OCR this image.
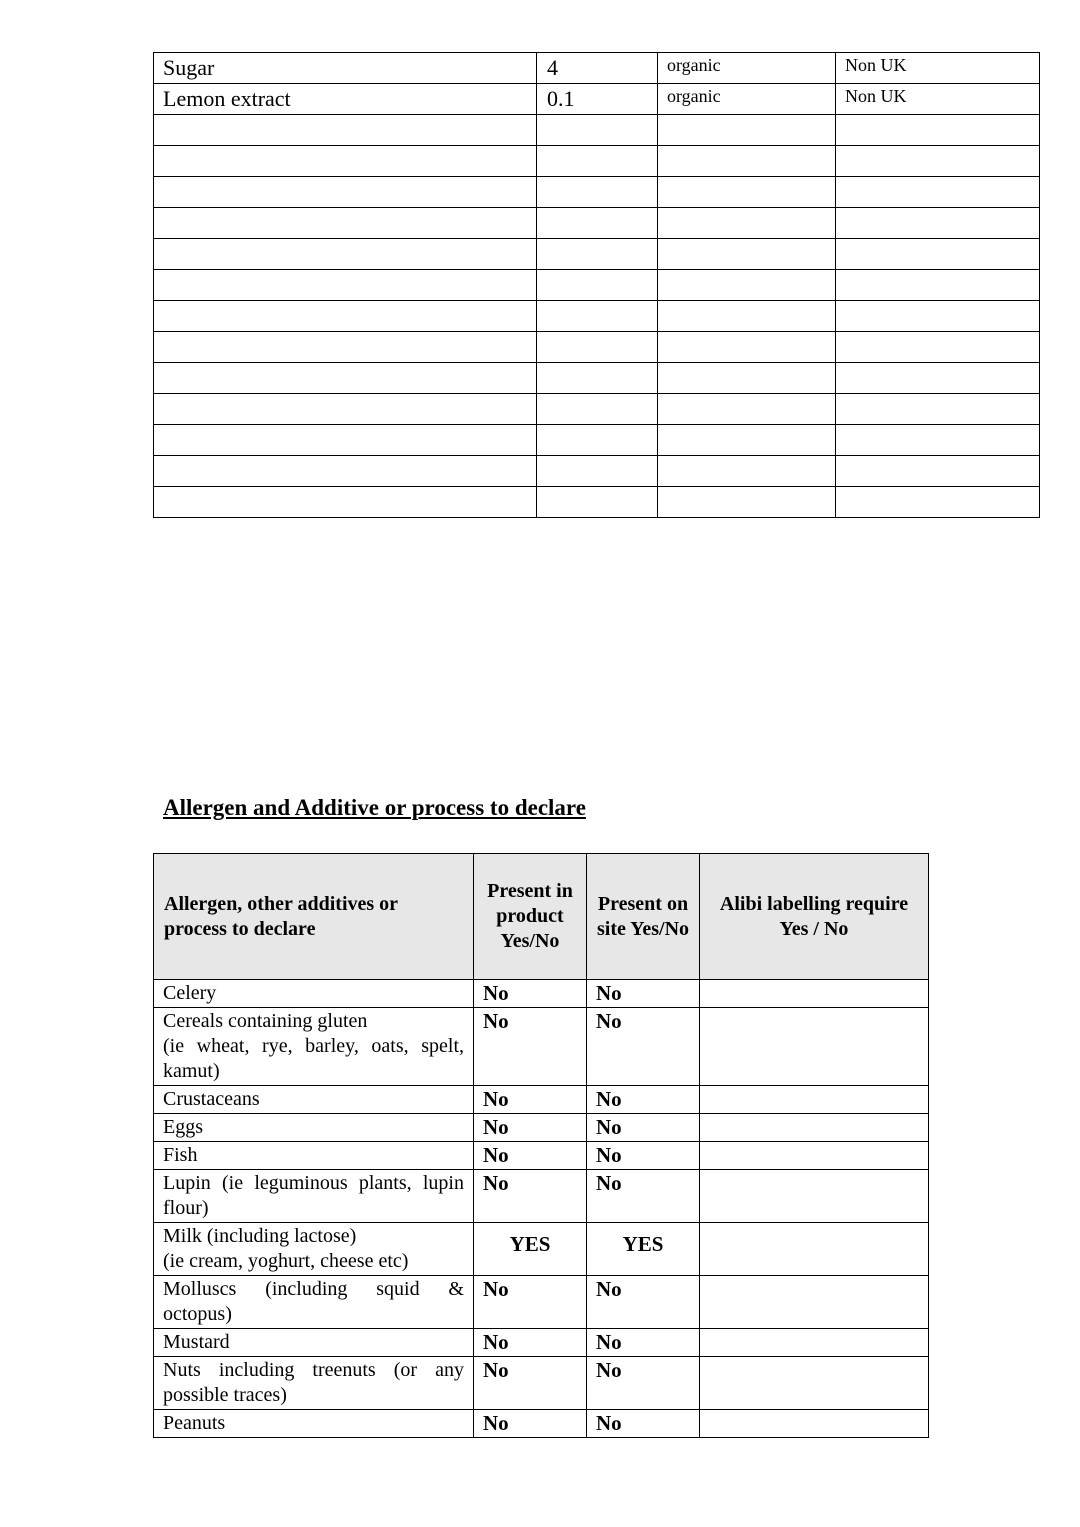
Sugar	4	organic	Non UK
Lemon extract	0.1	organic	Non UK

Allergen and Additive or process to declare
Allergen, other additives or process to declare	Present in product Yes/No	Present on site Yes/No	Alibi labelling require Yes / No
Celery	No	No	
Cereals containing gluten
(ie wheat, rye, barley, oats, spelt, kamut)	No	No	
Crustaceans	No	No	
Eggs	No	No	
Fish	No	No	
Lupin (ie leguminous plants, lupin flour)	No	No	
Milk (including lactose)
(ie cream, yoghurt, cheese etc)	YES	YES	
Molluscs (including squid & octopus)	No	No	
Mustard	No	No	
Nuts including treenuts (or any possible traces)	No	No	
Peanuts	No	No	
